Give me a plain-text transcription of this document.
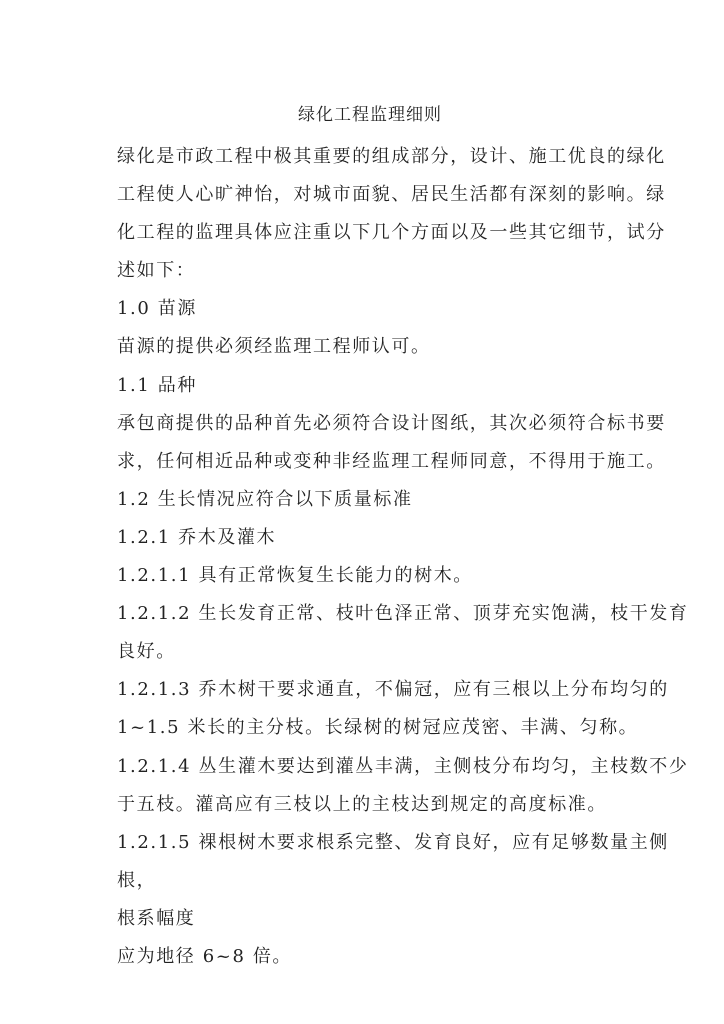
绿化工程监理细则
绿化是市政工程中极其重要的组成部分，设计、施工优良的绿化
工程使人心旷神怡，对城市面貌、居民生活都有深刻的影响。绿
化工程的监理具体应注重以下几个方面以及一些其它细节，试分
述如下：
1.0 苗源
苗源的提供必须经监理工程师认可。
1.1 品种
承包商提供的品种首先必须符合设计图纸，其次必须符合标书要
求，任何相近品种或变种非经监理工程师同意，不得用于施工。
1.2 生长情况应符合以下质量标准
1.2.1 乔木及灌木
1.2.1.1 具有正常恢复生长能力的树木。
1.2.1.2 生长发育正常、枝叶色泽正常、顶芽充实饱满，枝干发育
良好。
1.2.1.3 乔木树干要求通直，不偏冠，应有三根以上分布均匀的
1~1.5 米长的主分枝。长绿树的树冠应茂密、丰满、匀称。
1.2.1.4 丛生灌木要达到灌丛丰满，主侧枝分布均匀，主枝数不少
于五枝。灌高应有三枝以上的主枝达到规定的高度标准。
1.2.1.5 裸根树木要求根系完整、发育良好，应有足够数量主侧根，
根系幅度
应为地径 6~8 倍。
